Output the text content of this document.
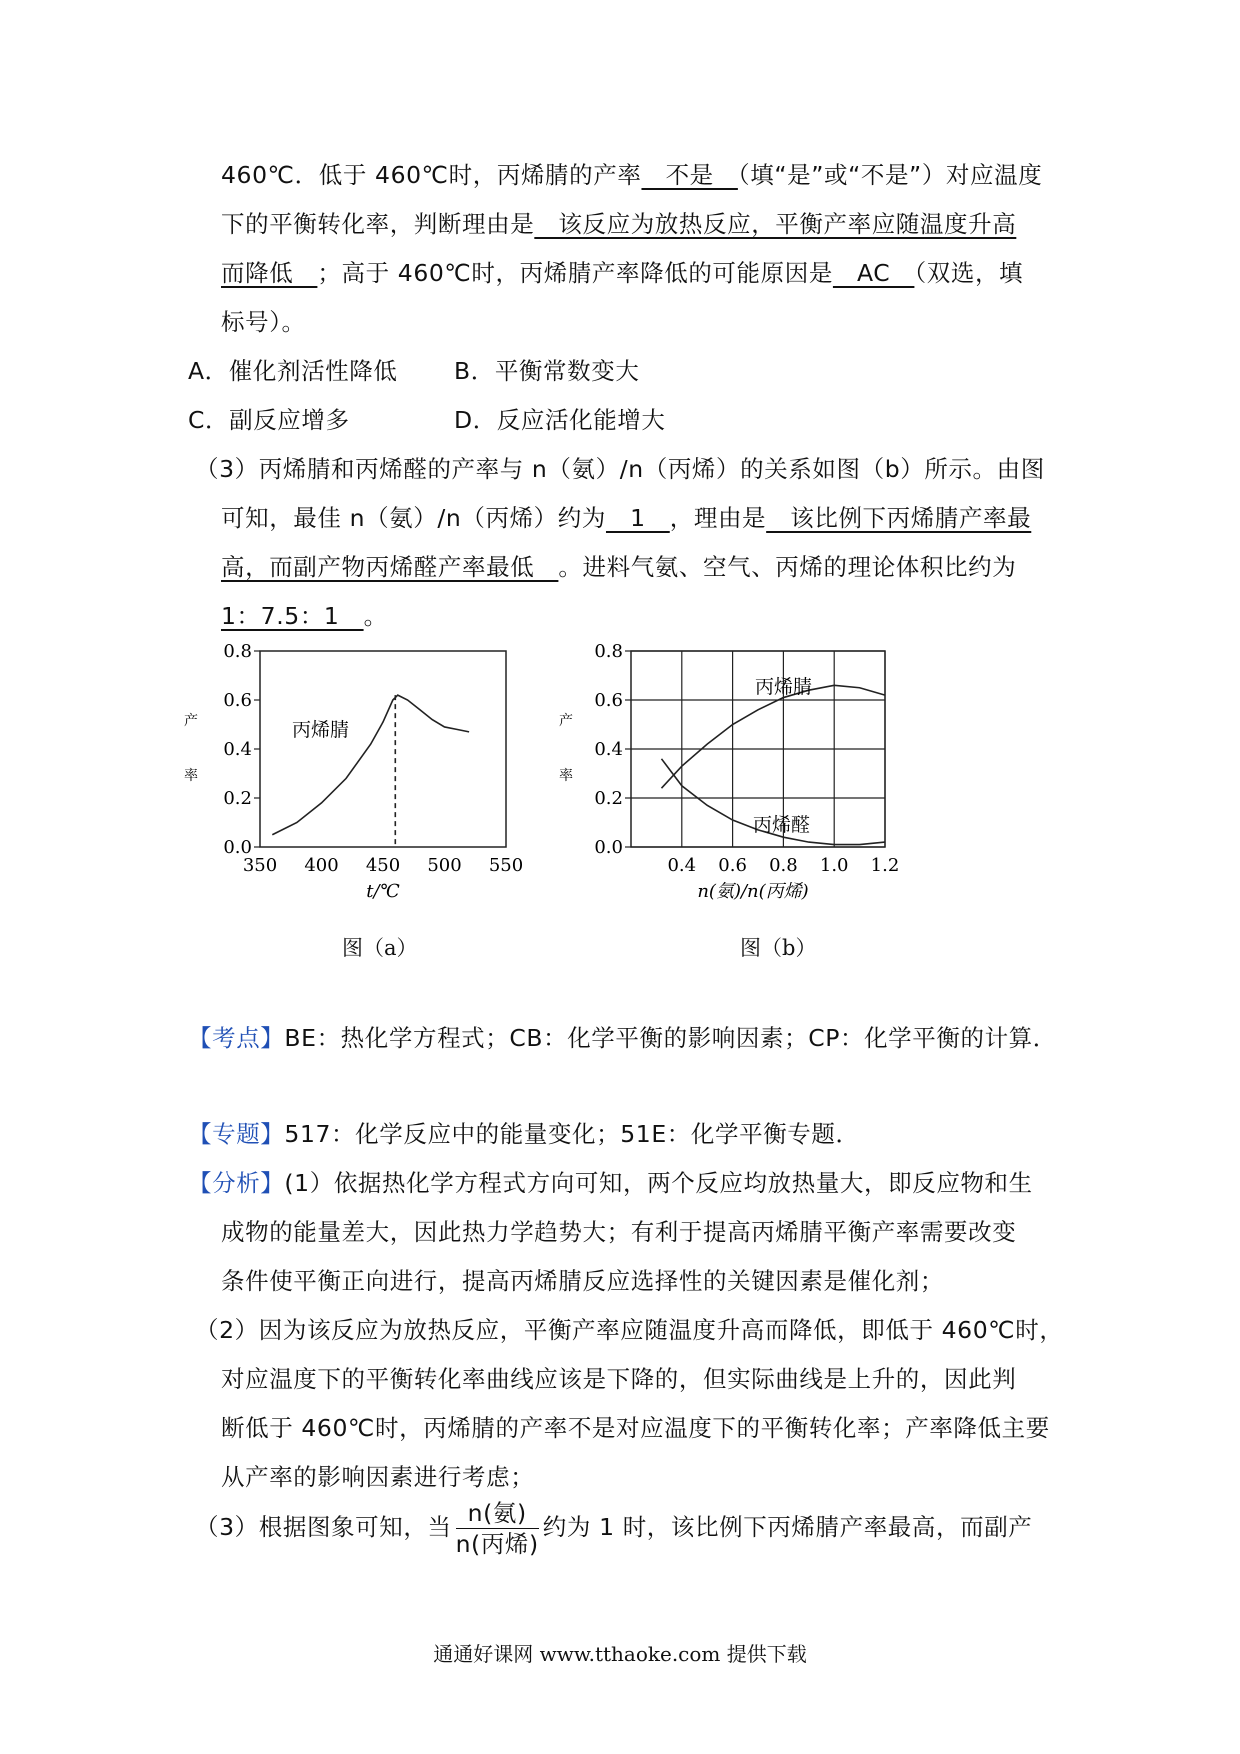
460℃．低于 460℃时，丙烯腈的产率　不是　（填“是”或“不是”）对应温度
下的平衡转化率，判断理由是　该反应为放热反应，平衡产率应随温度升高
而降低　；高于 460℃时，丙烯腈产率降低的可能原因是　AC　（双选，填
标号）。
A．催化剂活性降低 B．平衡常数变大
C．副反应增多	D．反应活化能增大
（3）丙烯腈和丙烯醛的产率与 n（氨）/n（丙烯）的关系如图（b）所示。由图
可知，最佳 n（氨）/n（丙烯）约为　1　，理由是　该比例下丙烯腈产率最
高，而副产物丙烯醛产率最低　。进料气氨、空气、丙烯的理论体积比约为
1：7.5：1　。
0.0
0.2
0.4
0.6
0.8
350 400 450 500 550
t/℃
产
率
丙烯腈
0.0
0.2
0.4
0.6
0.8
0.4 0.6 0.8 1.0 1.2
n(氨)/n(丙烯)
产
率
丙烯腈
丙烯醛
图（a）	图（b）
【考点】BE：热化学方程式；CB：化学平衡的影响因素；CP：化学平衡的计算．
【专题】517：化学反应中的能量变化；51E：化学平衡专题．
【分析】(1）依据热化学方程式方向可知，两个反应均放热量大，即反应物和生
成物的能量差大，因此热力学趋势大；有利于提高丙烯腈平衡产率需要改变
条件使平衡正向进行，提高丙烯腈反应选择性的关键因素是催化剂；
（2）因为该反应为放热反应，平衡产率应随温度升高而降低，即低于 460℃时，
对应温度下的平衡转化率曲线应该是下降的，但实际曲线是上升的，因此判
断低于 460℃时，丙烯腈的产率不是对应温度下的平衡转化率；产率降低主要
从产率的影响因素进行考虑；
（3）根据图象可知，当 $\frac{\text{n(氨)}}{\text{n(丙烯)}}$ 约为 1 时，该比例下丙烯腈产率最高，而副产
通通好课网 www.tthaoke.com 提供下载
